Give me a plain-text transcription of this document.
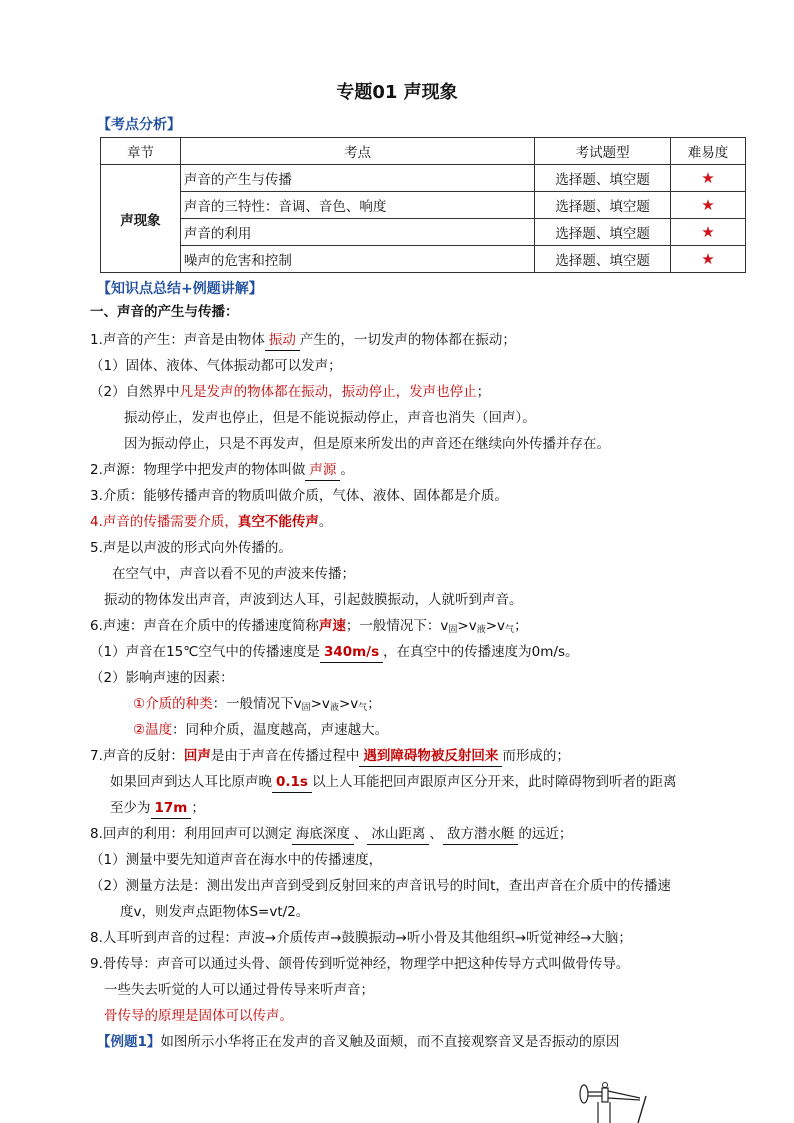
专题01 声现象
【考点分析】
章节	考点	考试题型	难易度
声现象	声音的产生与传播	选择题、填空题	★
	声音的三特性：音调、音色、响度	选择题、填空题	★
	声音的利用	选择题、填空题	★
	噪声的危害和控制	选择题、填空题	★
【知识点总结+例题讲解】
一、声音的产生与传播：
1.声音的产生：声音是由物体 振动 产生的，一切发声的物体都在振动；
（1）固体、液体、气体振动都可以发声；
（2）自然界中凡是发声的物体都在振动，振动停止，发声也停止；
振动停止，发声也停止，但是不能说振动停止，声音也消失（回声）。
因为振动停止，只是不再发声，但是原来所发出的声音还在继续向外传播并存在。
2.声源：物理学中把发声的物体叫做 声源 。
3.介质：能够传播声音的物质叫做介质，气体、液体、固体都是介质。
4.声音的传播需要介质，真空不能传声。
5.声是以声波的形式向外传播的。
在空气中，声音以看不见的声波来传播；
振动的物体发出声音，声波到达人耳，引起鼓膜振动，人就听到声音。
6.声速：声音在介质中的传播速度简称声速；一般情况下：$v_固>v_液>v_气$；
（1）声音在15℃空气中的传播速度是 340m/s ，在真空中的传播速度为0m/s。
（2）影响声速的因素：
①介质的种类：一般情况下$v_固>v_液>v_气$；
②温度：同种介质，温度越高，声速越大。
7.声音的反射：回声是由于声音在传播过程中 遇到障碍物被反射回来 而形成的；
如果回声到达人耳比原声晚 0.1s 以上人耳能把回声跟原声区分开来，此时障碍物到听者的距离
至少为 17m ；
8.回声的利用：利用回声可以测定 海底深度 、 冰山距离 、 敌方潜水艇 的远近；
（1）测量中要先知道声音在海水中的传播速度，
（2）测量方法是：测出发出声音到受到反射回来的声音讯号的时间t，查出声音在介质中的传播速
度v，则发声点距物体S=vt/2。
8.人耳听到声音的过程：声波→介质传声→鼓膜振动→听小骨及其他组织→听觉神经→大脑；
9.骨传导：声音可以通过头骨、颌骨传到听觉神经，物理学中把这种传导方式叫做骨传导。
一些失去听觉的人可以通过骨传导来听声音；
骨传导的原理是固体可以传声。
【例题1】如图所示小华将正在发声的音叉触及面颊，而不直接观察音叉是否振动的原因
